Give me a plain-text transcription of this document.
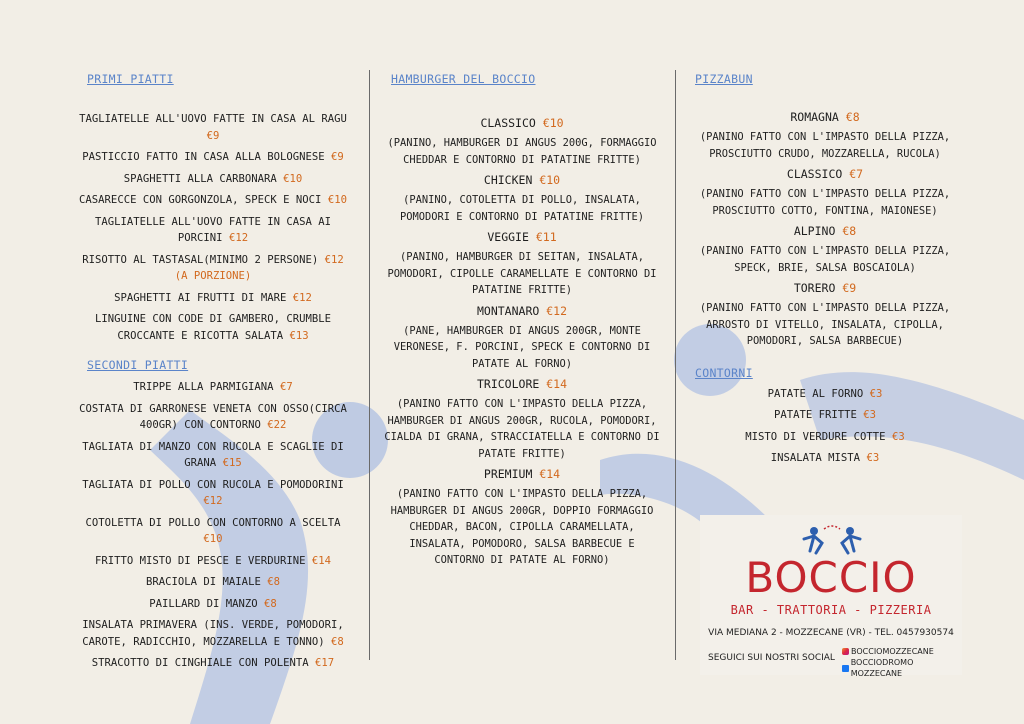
PRIMI PIATTI

TAGLIATELLE ALL'UOVO FATTE IN CASA AL RAGU €9

PASTICCIO FATTO IN CASA ALLA BOLOGNESE €9

SPAGHETTI ALLA CARBONARA €10

CASARECCE CON GORGONZOLA, SPECK E NOCI €10

TAGLIATELLE ALL'UOVO FATTE IN CASA AI PORCINI €12

RISOTTO AL TASTASAL(MINIMO 2 PERSONE) €12 (A PORZIONE)

SPAGHETTI AI FRUTTI DI MARE €12

LINGUINE CON CODE DI GAMBERO, CRUMBLE CROCCANTE E RICOTTA SALATA €13

SECONDI PIATTI

TRIPPE ALLA PARMIGIANA €7

COSTATA DI GARRONESE VENETA CON OSSO(CIRCA 400GR) CON CONTORNO €22

TAGLIATA DI MANZO CON RUCOLA E SCAGLIE DI GRANA €15

TAGLIATA DI POLLO CON RUCOLA E POMODORINI €12

COTOLETTA DI POLLO CON CONTORNO A SCELTA €10

FRITTO MISTO DI PESCE E VERDURINE €14

BRACIOLA DI MAIALE €8

PAILLARD DI MANZO €8

INSALATA PRIMAVERA (INS. VERDE, POMODORI, CAROTE, RADICCHIO, MOZZARELLA E TONNO) €8

STRACOTTO DI CINGHIALE CON POLENTA €17

HAMBURGER DEL BOCCIO

CLASSICO €10

(PANINO, HAMBURGER DI ANGUS 200G, FORMAGGIO CHEDDAR E CONTORNO DI PATATINE FRITTE)

CHICKEN €10

(PANINO, COTOLETTA DI POLLO, INSALATA, POMODORI E CONTORNO DI PATATINE FRITTE)

VEGGIE €11

(PANINO, HAMBURGER DI SEITAN, INSALATA, POMODORI, CIPOLLE CARAMELLATE E CONTORNO DI PATATINE FRITTE)

MONTANARO €12

(PANE, HAMBURGER DI ANGUS 200GR, MONTE VERONESE, F. PORCINI, SPECK E CONTORNO DI PATATE AL FORNO)

TRICOLORE €14

(PANINO FATTO CON L'IMPASTO DELLA PIZZA, HAMBURGER DI ANGUS 200GR, RUCOLA, POMODORI, CIALDA DI GRANA, STRACCIATELLA E CONTORNO DI PATATE FRITTE)

PREMIUM €14

(PANINO FATTO CON L'IMPASTO DELLA PIZZA, HAMBURGER DI ANGUS 200GR, DOPPIO FORMAGGIO CHEDDAR, BACON, CIPOLLA CARAMELLATA, INSALATA, POMODORO, SALSA BARBECUE E CONTORNO DI PATATE AL FORNO)

PIZZABUN

ROMAGNA €8

(PANINO FATTO CON L'IMPASTO DELLA PIZZA, PROSCIUTTO CRUDO, MOZZARELLA, RUCOLA)

CLASSICO €7

(PANINO FATTO CON L'IMPASTO DELLA PIZZA, PROSCIUTTO COTTO, FONTINA, MAIONESE)

ALPINO €8

(PANINO FATTO CON L'IMPASTO DELLA PIZZA, SPECK, BRIE, SALSA BOSCAIOLA)

TORERO €9

(PANINO FATTO CON L'IMPASTO DELLA PIZZA, ARROSTO DI VITELLO, INSALATA, CIPOLLA, POMODORI, SALSA BARBECUE)

CONTORNI

PATATE AL FORNO €3

PATATE FRITTE €3

MISTO DI VERDURE COTTE €3

INSALATA MISTA €3

BOCCIO
BAR - TRATTORIA - PIZZERIA
VIA MEDIANA 2 - MOZZECANE (VR) - TEL. 0457930574
SEGUICI SUI NOSTRI SOCIAL
BOCCIOMOZZECANE
BOCCIODROMO MOZZECANE
